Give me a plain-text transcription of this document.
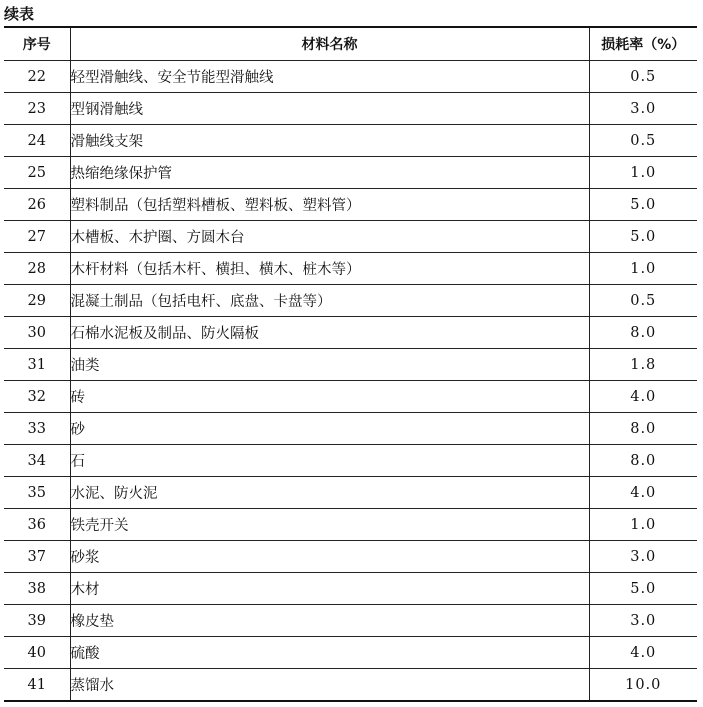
续表
序号	材料名称	损耗率（%）
22	轻型滑触线、安全节能型滑触线	0.5
23	型钢滑触线	3.0
24	滑触线支架	0.5
25	热缩绝缘保护管	1.0
26	塑料制品（包括塑料槽板、塑料板、塑料管）	5.0
27	木槽板、木护圈、方圆木台	5.0
28	木杆材料（包括木杆、横担、横木、桩木等）	1.0
29	混凝土制品（包括电杆、底盘、卡盘等）	0.5
30	石棉水泥板及制品、防火隔板	8.0
31	油类	1.8
32	砖	4.0
33	砂	8.0
34	石	8.0
35	水泥、防火泥	4.0
36	铁壳开关	1.0
37	砂浆	3.0
38	木材	5.0
39	橡皮垫	3.0
40	硫酸	4.0
41	蒸馏水	10.0
